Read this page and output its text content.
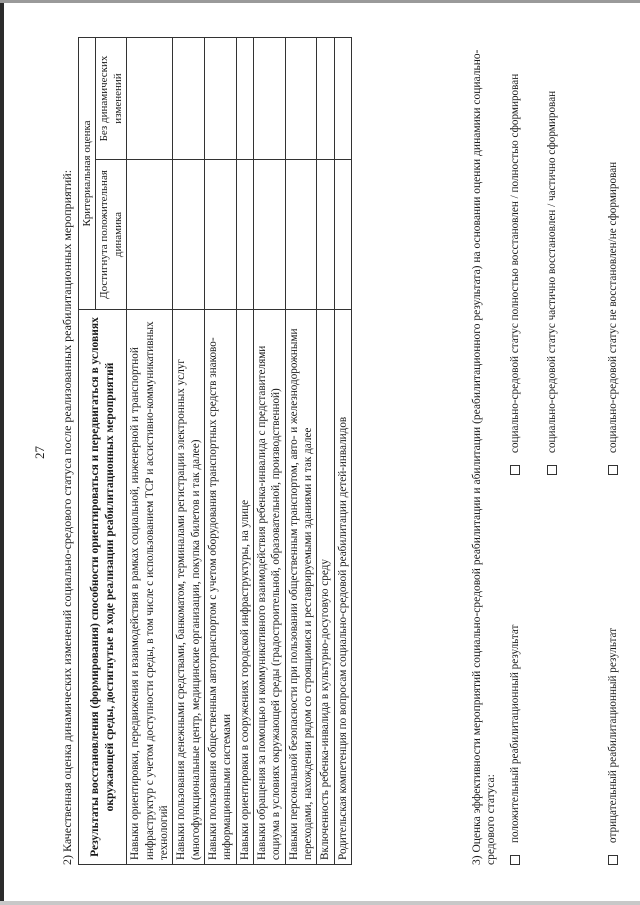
27 2) Качественная оценка динамических изменений социально-средового статуса после реализованных реабилитационных мероприятий: Результаты восстановления (формирования) способности ориентироваться и передвигаться в условиях окружающей среды, достигнутые в ходе реализации реабилитационных мероприятий	Критериальная оценка	
	Достигнута положительная динамика	Без динамических изменений
Навыки ориентировки, передвижения и взаимодействия в рамках социальной, инженерной и транспортной инфраструктур с учетом доступности среды, в том числе с использованием ТСР и ассистивно-коммуникативных технологий		
Навыки пользования денежными средствами, банкоматом, терминалами регистрации электронных услуг (многофункциональные центр, медицинские организации, покупка билетов и так далее)		
Навыки пользования общественным автотранспортом с учетом оборудования транспортных средств знаково-информационными системами		
Навыки ориентировки в сооружениях городской инфраструктуры, на улице		
Навыки обращения за помощью и коммуникативного взаимодействия ребенка-инвалида с представителями социума в условиях окружающей среды (градостроительной, образовательной, производственной)		
Навыки персональной безопасности при пользовании общественным транспортом, авто- и железнодорожными переходами, нахождении рядом со строящимися и реставрируемыми зданиями и так далее		
Включенность ребенка-инвалида в культурно-досуговую среду		
Родительская компетенция по вопросам социально-средовой реабилитации детей-инвалидов			3) Оценка эффективности мероприятий социально-средовой реабилитации и абилитации (реабилитационного результата) на основании оценки динамики социально-средового статуса: положительный реабилитационный результат	отрицательный реабилитационный результат
социально-средовой статус полностью восстановлен / полностью сформирован социально-средовой статус частично восстановлен / частично сформирован	социально-средовой статус не восстановлен/не сформирован
